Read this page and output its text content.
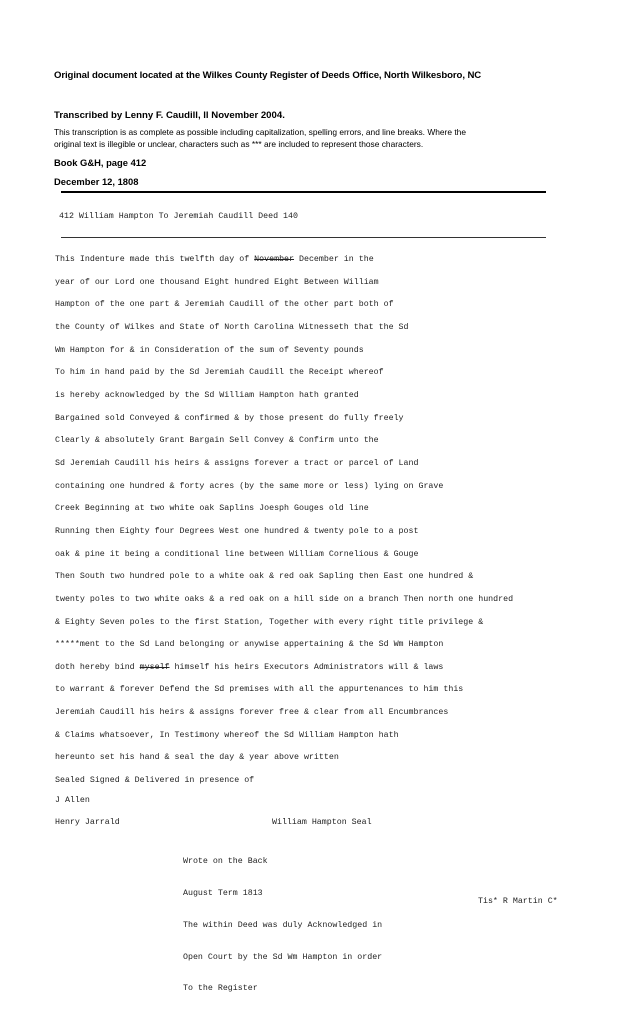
Original document located at the Wilkes County Register of Deeds Office, North Wilkesboro, NC
Transcribed by Lenny F. Caudill, ll November 2004.
This transcription is as complete as possible including capitalization, spelling errors, and line breaks. Where the
original text is illegible or unclear, characters such as *** are included to represent those characters.
Book G&H, page 412
December 12, 1808
412 William Hampton To Jeremiah Caudill Deed 140
This Indenture made this twelfth day of November December in the
year of our Lord one thousand Eight hundred Eight Between William
Hampton of the one part & Jeremiah Caudill of the other part both of
the County of Wilkes and State of North Carolina Witnesseth that the Sd
Wm Hampton for & in Consideration of the sum of Seventy pounds
To him in hand paid by the Sd Jeremiah Caudill the Receipt whereof
is hereby acknowledged by the Sd William Hampton hath granted
Bargained sold Conveyed & confirmed & by those present do fully freely
Clearly & absolutely Grant Bargain Sell Convey & Confirm unto the
Sd Jeremiah Caudill his heirs & assigns forever a tract or parcel of Land
containing one hundred & forty acres (by the same more or less) lying on Grave
Creek Beginning at two white oak Saplins Joesph Gouges old line
Running then Eighty four Degrees West one hundred & twenty pole to a post
oak & pine it being a conditional line between William Cornelious & Gouge
Then South two hundred pole to a white oak & red oak Sapling then East one hundred &
twenty poles to two white oaks & a red oak on a hill side on a branch Then north one hundred
& Eighty Seven poles to the first Station, Together with every right title privilege &
*****ment to the Sd Land belonging or anywise appertaining & the Sd Wm Hampton
doth hereby bind myself himself his heirs Executors Administrators will & laws
to warrant & forever Defend the Sd premises with all the appurtenances to him this
Jeremiah Caudill his heirs & assigns forever free & clear from all Encumbrances
& Claims whatsoever, In Testimony whereof the Sd William Hampton hath
hereunto set his hand & seal the day & year above written
Sealed Signed & Delivered in presence of
J Allen
Henry Jarrald	William Hampton Seal

Wrote on the Back

August Term 1813

The within Deed was duly Acknowledged in

Open Court by the Sd Wm Hampton in order

To the Register

Tis* R Martin C*
